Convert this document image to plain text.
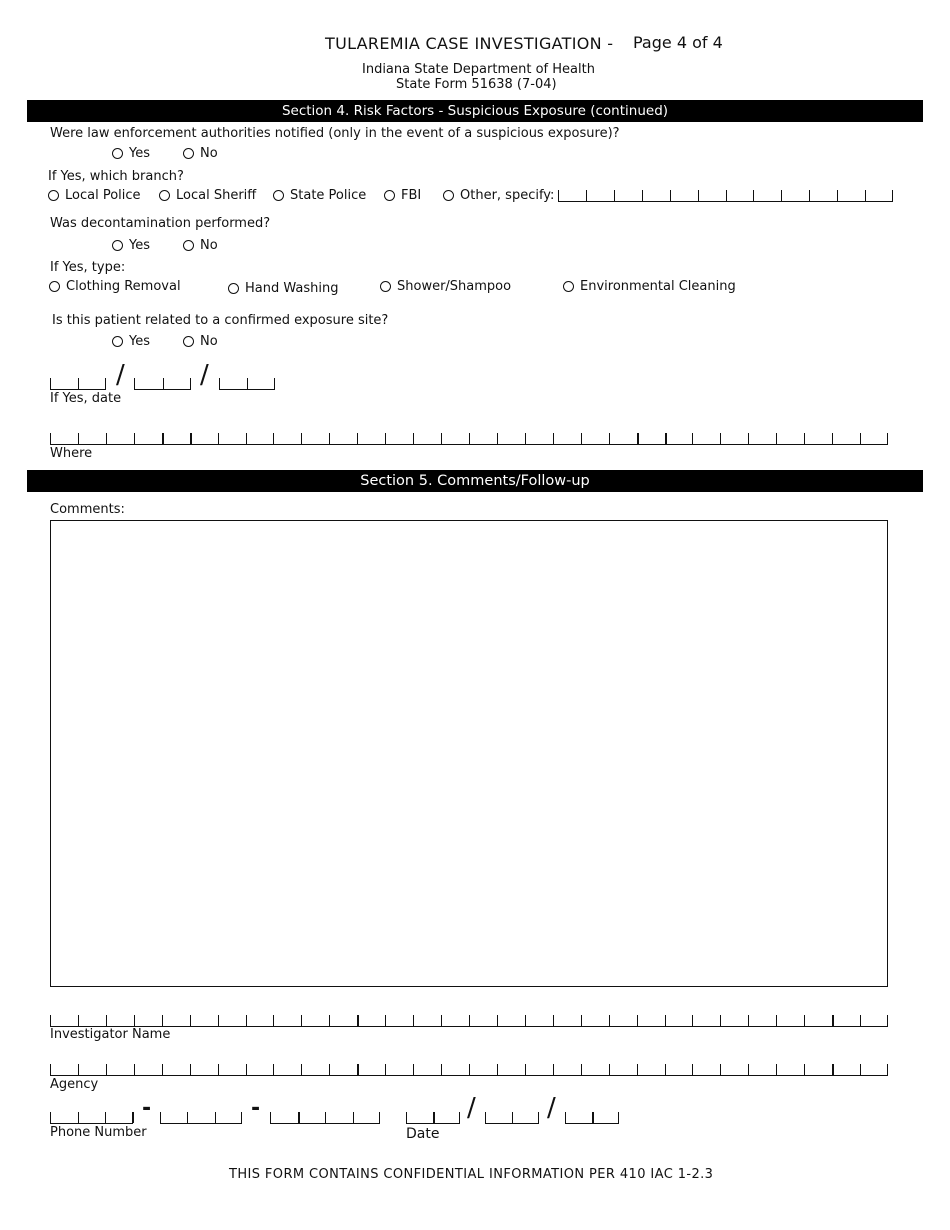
TULAREMIA CASE INVESTIGATION - Page 4 of 4
Indiana State Department of Health
State Form 51638 (7-04)
Section 4. Risk Factors - Suspicious Exposure (continued)
Were law enforcement authorities notified (only in the event of a suspicious exposure)?
Yes	No
If Yes, which branch?
Local Police	Local Sheriff	State Police	FBI	Other, specify:
Was decontamination performed?
Yes	No
If Yes, type:
Clothing Removal	Hand Washing	Shower/Shampoo	Environmental Cleaning
Is this patient related to a confirmed exposure site?
Yes	No
/	/
If Yes, date
Where
Section 5. Comments/Follow-up
Comments:
Investigator Name
Agency
-	-
Phone Number
/	/
Date
THIS FORM CONTAINS CONFIDENTIAL INFORMATION PER 410 IAC 1-2.3
